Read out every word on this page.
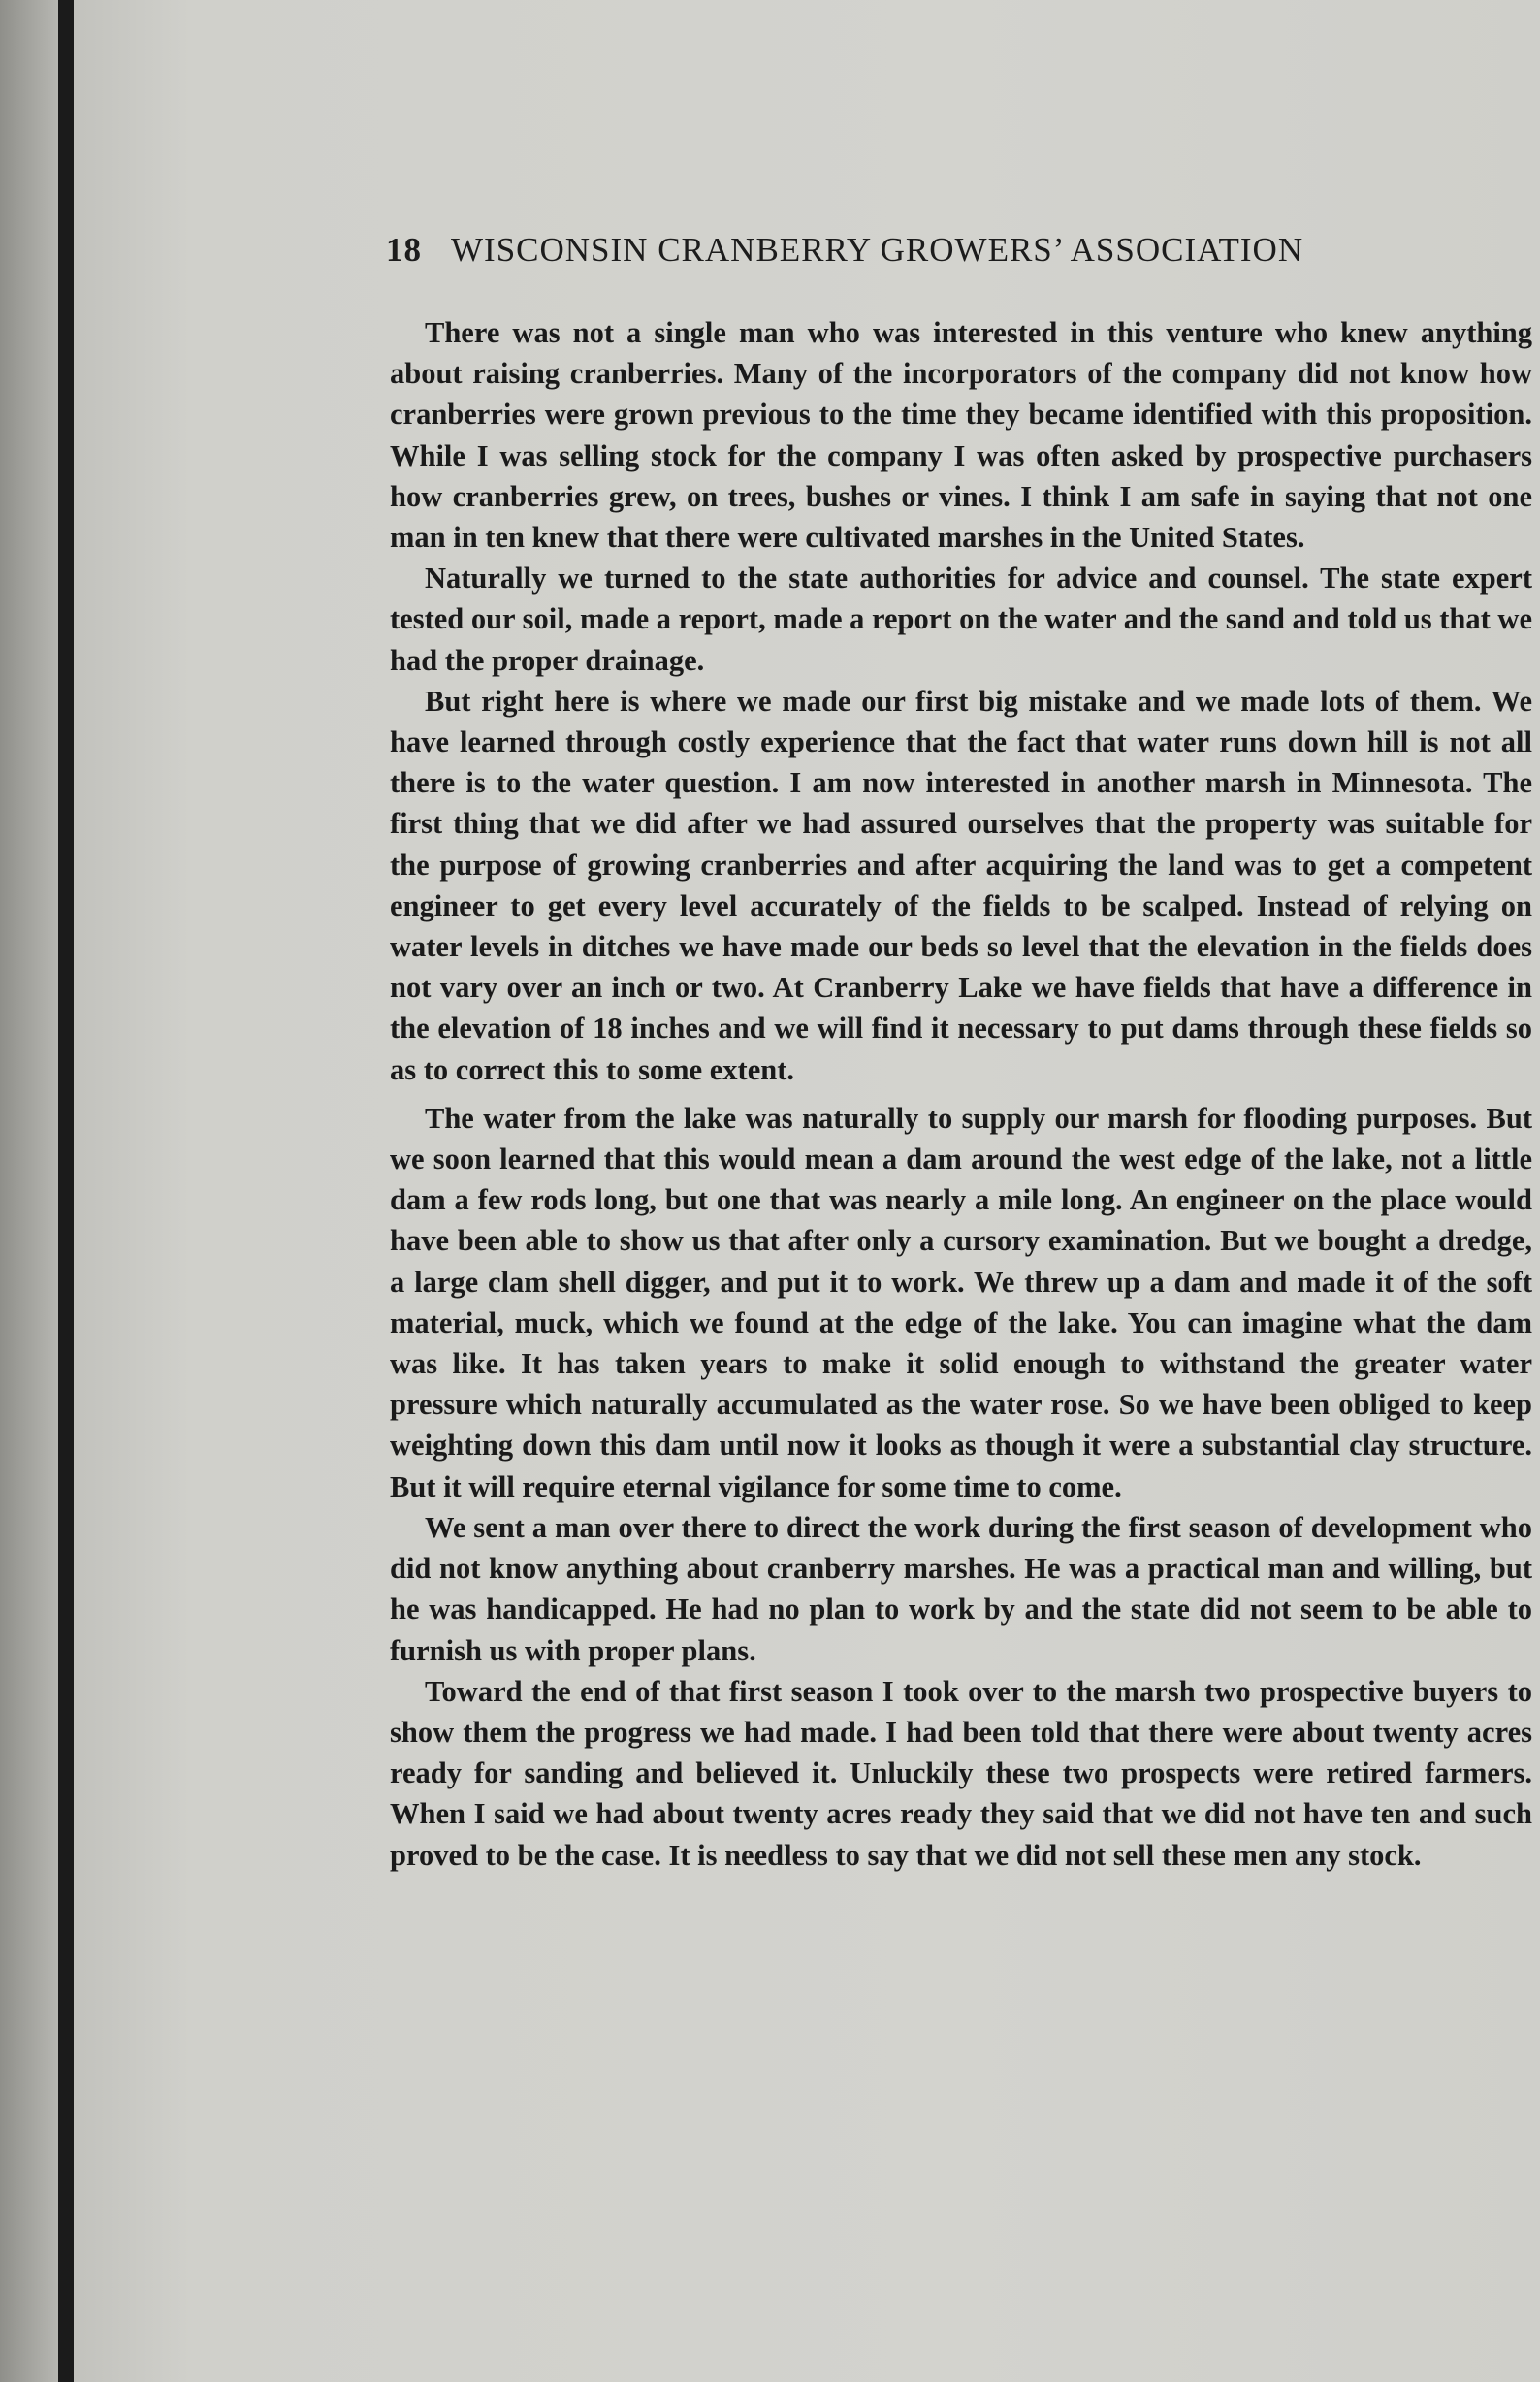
18 WISCONSIN CRANBERRY GROWERS’ ASSOCIATION

There was not a single man who was interested in this venture who knew anything about raising cranberries. Many of the incorporators of the company did not know how cranberries were grown previous to the time they became identified with this proposition. While I was selling stock for the company I was often asked by prospective purchasers how cranberries grew, on trees, bushes or vines. I think I am safe in saying that not one man in ten knew that there were cultivated marshes in the United States.

Naturally we turned to the state authorities for advice and counsel. The state expert tested our soil, made a report, made a report on the water and the sand and told us that we had the proper drainage.

But right here is where we made our first big mistake and we made lots of them. We have learned through costly experience that the fact that water runs down hill is not all there is to the water question. I am now interested in another marsh in Minnesota. The first thing that we did after we had assured ourselves that the property was suitable for the purpose of growing cranberries and after acquiring the land was to get a competent engineer to get every level accurately of the fields to be scalped. Instead of relying on water levels in ditches we have made our beds so level that the elevation in the fields does not vary over an inch or two. At Cranberry Lake we have fields that have a difference in the elevation of 18 inches and we will find it necessary to put dams through these fields so as to correct this to some extent.

The water from the lake was naturally to supply our marsh for flooding purposes. But we soon learned that this would mean a dam around the west edge of the lake, not a little dam a few rods long, but one that was nearly a mile long. An engineer on the place would have been able to show us that after only a cursory examination. But we bought a dredge, a large clam shell digger, and put it to work. We threw up a dam and made it of the soft material, muck, which we found at the edge of the lake. You can imagine what the dam was like. It has taken years to make it solid enough to withstand the greater water pressure which naturally accumulated as the water rose. So we have been obliged to keep weighting down this dam until now it looks as though it were a substantial clay structure. But it will require eternal vigilance for some time to come.

We sent a man over there to direct the work during the first season of development who did not know anything about cranberry marshes. He was a practical man and willing, but he was handicapped. He had no plan to work by and the state did not seem to be able to furnish us with proper plans.

Toward the end of that first season I took over to the marsh two prospective buyers to show them the progress we had made. I had been told that there were about twenty acres ready for sanding and believed it. Unluckily these two prospects were retired farmers. When I said we had about twenty acres ready they said that we did not have ten and such proved to be the case. It is needless to say that we did not sell these men any stock.
